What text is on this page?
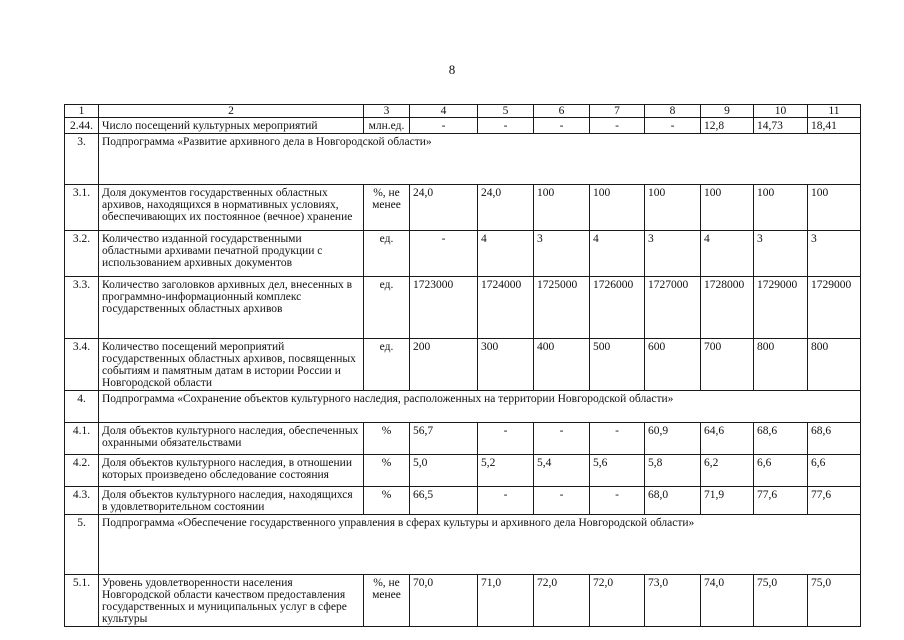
8
1	2	3	4	5	6	7	8	9	10	11
2.44.	Число посещений культурных мероприятий	млн.ед.	-	-	-	-	-	12,8	14,73	18,41
3.	Подпрограмма «Развитие архивного дела в Новгородской области»									
3.1.	Доля документов государственных областных архивов, находящихся в нормативных условиях, обеспечивающих их постоянное (вечное) хранение	%, не менее	24,0	24,0	100	100	100	100	100	100
3.2.	Количество изданной государственными областными архивами печатной продукции с использованием архивных документов	ед.	-	4	3	4	3	4	3	3
3.3.	Количество заголовков архивных дел, внесенных в программно-информационный комплекс государственных областных архивов	ед.	1723000	1724000	1725000	1726000	1727000	1728000	1729000	1729000
3.4.	Количество посещений мероприятий государственных областных архивов, посвященных событиям и памятным датам в истории России и Новгородской области	ед.	200	300	400	500	600	700	800	800
4.	Подпрограмма «Сохранение объектов культурного наследия, расположенных на территории Новгородской области»									
4.1.	Доля объектов культурного наследия, обеспеченных охранными обязательствами	%	56,7	-	-	-	60,9	64,6	68,6	68,6
4.2.	Доля объектов культурного наследия, в отношении которых произведено обследование состояния	%	5,0	5,2	5,4	5,6	5,8	6,2	6,6	6,6
4.3.	Доля объектов культурного наследия, находящихся в удовлетворительном состоянии	%	66,5	-	-	-	68,0	71,9	77,6	77,6
5.	Подпрограмма «Обеспечение государственного управления в сферах культуры и архивного дела Новгородской области»									
5.1.	Уровень удовлетворенности населения Новгородской области качеством предоставления государственных и муниципальных услуг в сфере культуры	%, не менее	70,0	71,0	72,0	72,0	73,0	74,0	75,0	75,0
